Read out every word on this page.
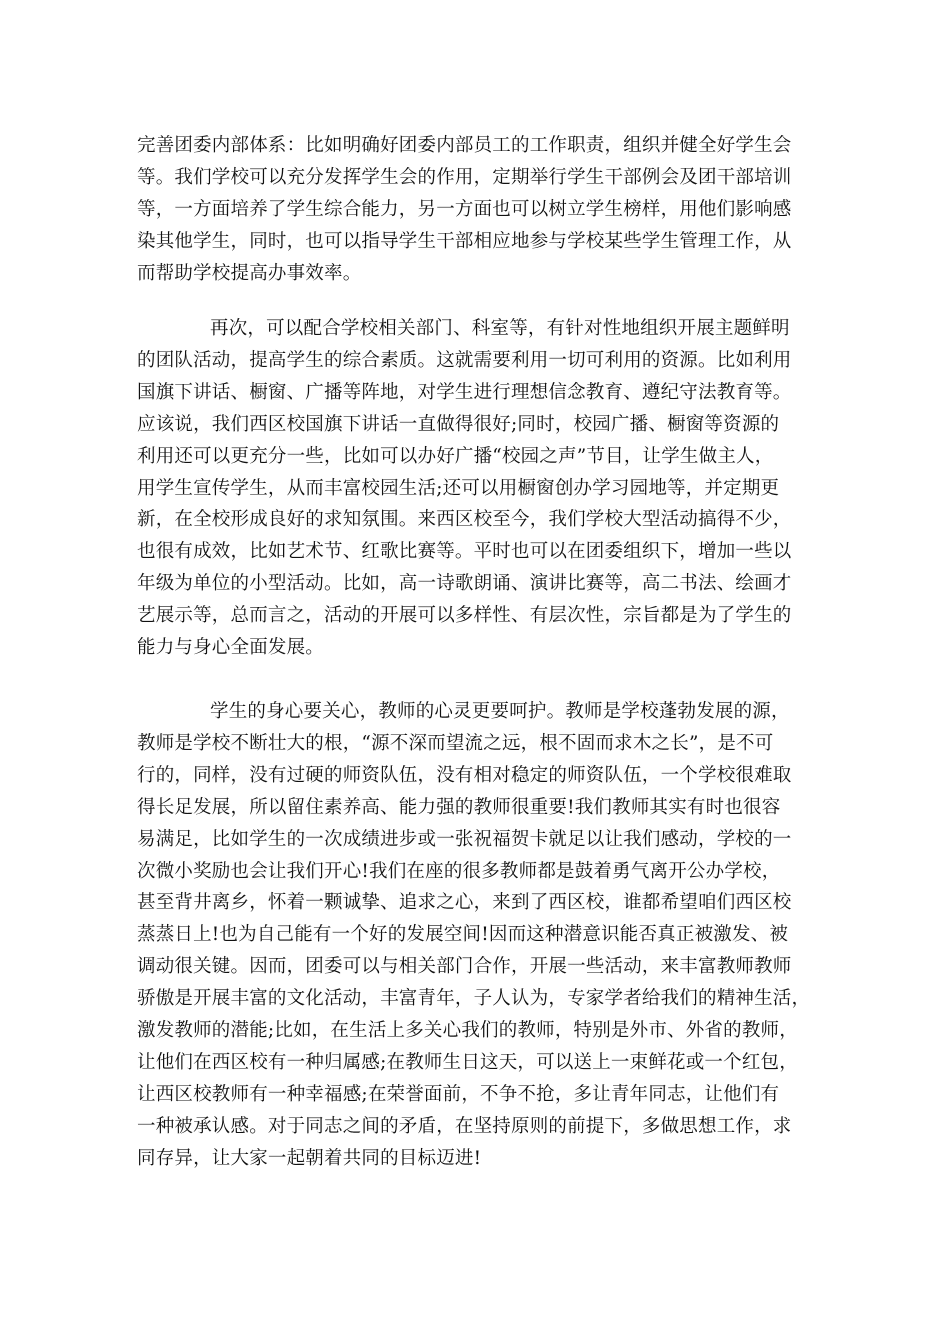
完善团委内部体系：比如明确好团委内部员工的工作职责，组织并健全好学生会
等。我们学校可以充分发挥学生会的作用，定期举行学生干部例会及团干部培训
等，一方面培养了学生综合能力，另一方面也可以树立学生榜样，用他们影响感
染其他学生，同时，也可以指导学生干部相应地参与学校某些学生管理工作，从
而帮助学校提高办事效率。
再次，可以配合学校相关部门、科室等，有针对性地组织开展主题鲜明
的团队活动，提高学生的综合素质。这就需要利用一切可利用的资源。比如利用
国旗下讲话、橱窗、广播等阵地，对学生进行理想信念教育、遵纪守法教育等。
应该说，我们西区校国旗下讲话一直做得很好;同时，校园广播、橱窗等资源的
利用还可以更充分一些，比如可以办好广播“校园之声”节目，让学生做主人，
用学生宣传学生，从而丰富校园生活;还可以用橱窗创办学习园地等，并定期更
新，在全校形成良好的求知氛围。来西区校至今，我们学校大型活动搞得不少，
也很有成效，比如艺术节、红歌比赛等。平时也可以在团委组织下，增加一些以
年级为单位的小型活动。比如，高一诗歌朗诵、演讲比赛等，高二书法、绘画才
艺展示等，总而言之，活动的开展可以多样性、有层次性，宗旨都是为了学生的
能力与身心全面发展。
学生的身心要关心，教师的心灵更要呵护。教师是学校蓬勃发展的源，
教师是学校不断壮大的根，“源不深而望流之远，根不固而求木之长”，是不可
行的，同样，没有过硬的师资队伍，没有相对稳定的师资队伍，一个学校很难取
得长足发展，所以留住素养高、能力强的教师很重要!我们教师其实有时也很容
易满足，比如学生的一次成绩进步或一张祝福贺卡就足以让我们感动，学校的一
次微小奖励也会让我们开心!我们在座的很多教师都是鼓着勇气离开公办学校，
甚至背井离乡，怀着一颗诚挚、追求之心，来到了西区校，谁都希望咱们西区校
蒸蒸日上!也为自己能有一个好的发展空间!因而这种潜意识能否真正被激发、被
调动很关键。因而，团委可以与相关部门合作，开展一些活动，来丰富教师教师
骄傲是开展丰富的文化活动，丰富青年，子人认为，专家学者给我们的精神生活，
激发教师的潜能;比如，在生活上多关心我们的教师，特别是外市、外省的教师，
让他们在西区校有一种归属感;在教师生日这天，可以送上一束鲜花或一个红包，
让西区校教师有一种幸福感;在荣誉面前，不争不抢，多让青年同志，让他们有
一种被承认感。对于同志之间的矛盾，在坚持原则的前提下，多做思想工作，求
同存异，让大家一起朝着共同的目标迈进!
